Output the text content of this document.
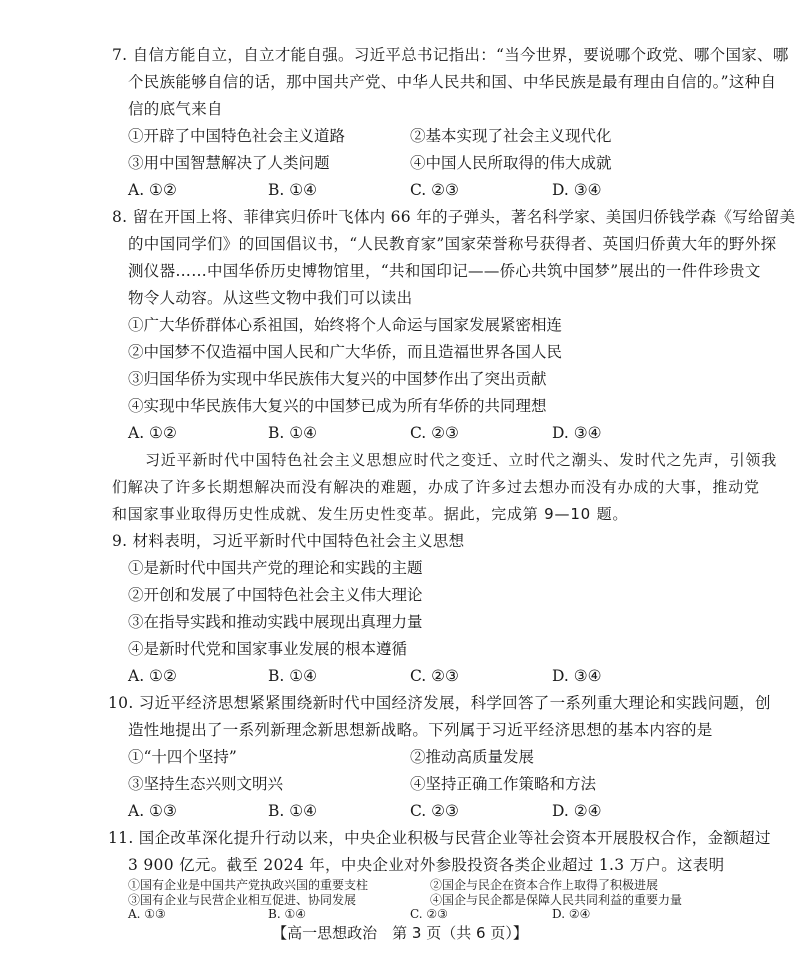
7. 自信方能自立，自立才能自强。习近平总书记指出：“当今世界，要说哪个政党、哪个国家、哪
个民族能够自信的话，那中国共产党、中华人民共和国、中华民族是最有理由自信的。”这种自
信的底气来自
①开辟了中国特色社会主义道路	②基本实现了社会主义现代化
③用中国智慧解决了人类问题	④中国人民所取得的伟大成就
A. ①②	B. ①④	C. ②③	D. ③④
8. 留在开国上将、菲律宾归侨叶飞体内 66 年的子弹头，著名科学家、美国归侨钱学森《写给留美
的中国同学们》的回国倡议书，“人民教育家”国家荣誉称号获得者、英国归侨黄大年的野外探
测仪器……中国华侨历史博物馆里，“共和国印记——侨心共筑中国梦”展出的一件件珍贵文
物令人动容。从这些文物中我们可以读出
①广大华侨群体心系祖国，始终将个人命运与国家发展紧密相连
②中国梦不仅造福中国人民和广大华侨，而且造福世界各国人民
③归国华侨为实现中华民族伟大复兴的中国梦作出了突出贡献
④实现中华民族伟大复兴的中国梦已成为所有华侨的共同理想
A. ①②	B. ①④	C. ②③	D. ③④
习近平新时代中国特色社会主义思想应时代之变迁、立时代之潮头、发时代之先声，引领我
们解决了许多长期想解决而没有解决的难题，办成了许多过去想办而没有办成的大事，推动党
和国家事业取得历史性成就、发生历史性变革。据此，完成第 9—10 题。
9. 材料表明，习近平新时代中国特色社会主义思想
①是新时代中国共产党的理论和实践的主题
②开创和发展了中国特色社会主义伟大理论
③在指导实践和推动实践中展现出真理力量
④是新时代党和国家事业发展的根本遵循
A. ①②	B. ①④	C. ②③	D. ③④
10. 习近平经济思想紧紧围绕新时代中国经济发展，科学回答了一系列重大理论和实践问题，创
造性地提出了一系列新理念新思想新战略。下列属于习近平经济思想的基本内容的是
①“十四个坚持”	②推动高质量发展
③坚持生态兴则文明兴	④坚持正确工作策略和方法
A. ①③	B. ①④	C. ②③	D. ②④
11. 国企改革深化提升行动以来，中央企业积极与民营企业等社会资本开展股权合作，金额超过
3 900 亿元。截至 2024 年，中央企业对外参股投资各类企业超过 1.3 万户。这表明
①国有企业是中国共产党执政兴国的重要支柱	②国企与民企在资本合作上取得了积极进展
③国有企业与民营企业相互促进、协同发展	④国企与民企都是保障人民共同利益的重要力量
A. ①③	B. ①④	C. ②③	D. ②④
【高一思想政治　第 3 页（共 6 页）】
